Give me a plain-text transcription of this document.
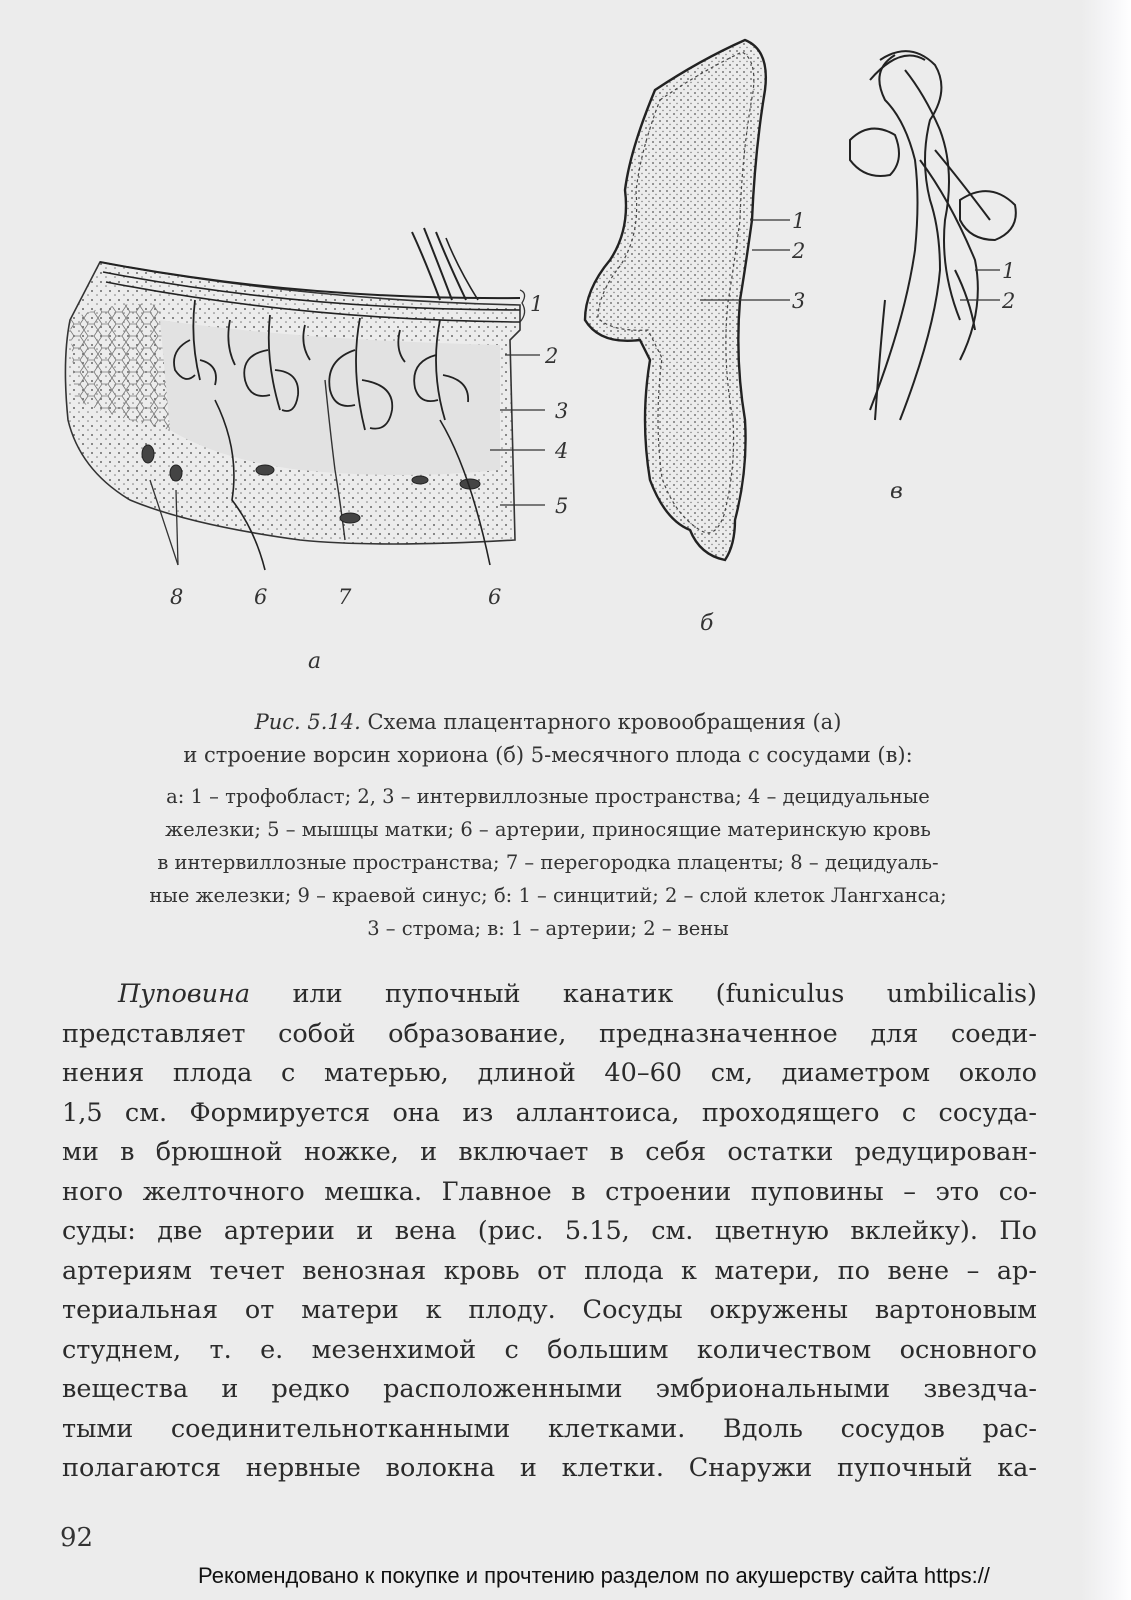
1
2
3
4
5
8	6	7	6
а
1
2
3
б
1
2
в
Рис. 5.14. Схема плацентарного кровообращения (а)
и строение ворсин хориона (б) 5-месячного плода с сосудами (в):
а: 1 – трофобласт; 2, 3 – интервиллозные пространства; 4 – децидуальные
железки; 5 – мышцы матки; 6 – артерии, приносящие материнскую кровь
в интервиллозные пространства; 7 – перегородка плаценты; 8 – децидуаль-
ные железки; 9 – краевой синус; б: 1 – синцитий; 2 – слой клеток Лангханса;
3 – строма; в: 1 – артерии; 2 – вены
Пуповина или пупочный канатик (funiculus umbilicalis)
представляет собой образование, предназначенное для соеди-
нения плода с матерью, длиной 40–60 см, диаметром около
1,5 см. Формируется она из аллантоиса, проходящего с сосуда-
ми в брюшной ножке, и включает в себя остатки редуцирован-
ного желточного мешка. Главное в строении пуповины – это со-
суды: две артерии и вена (рис. 5.15, см. цветную вклейку). По
артериям течет венозная кровь от плода к матери, по вене – ар-
териальная от матери к плоду. Сосуды окружены вартоновым
студнем, т. е. мезенхимой с большим количеством основного
вещества и редко расположенными эмбриональными звездча-
тыми соединительнотканными клетками. Вдоль сосудов рас-
полагаются нервные волокна и клетки. Снаружи пупочный ка-
92
Рекомендовано к покупке и прочтению разделом по акушерству сайта https://
